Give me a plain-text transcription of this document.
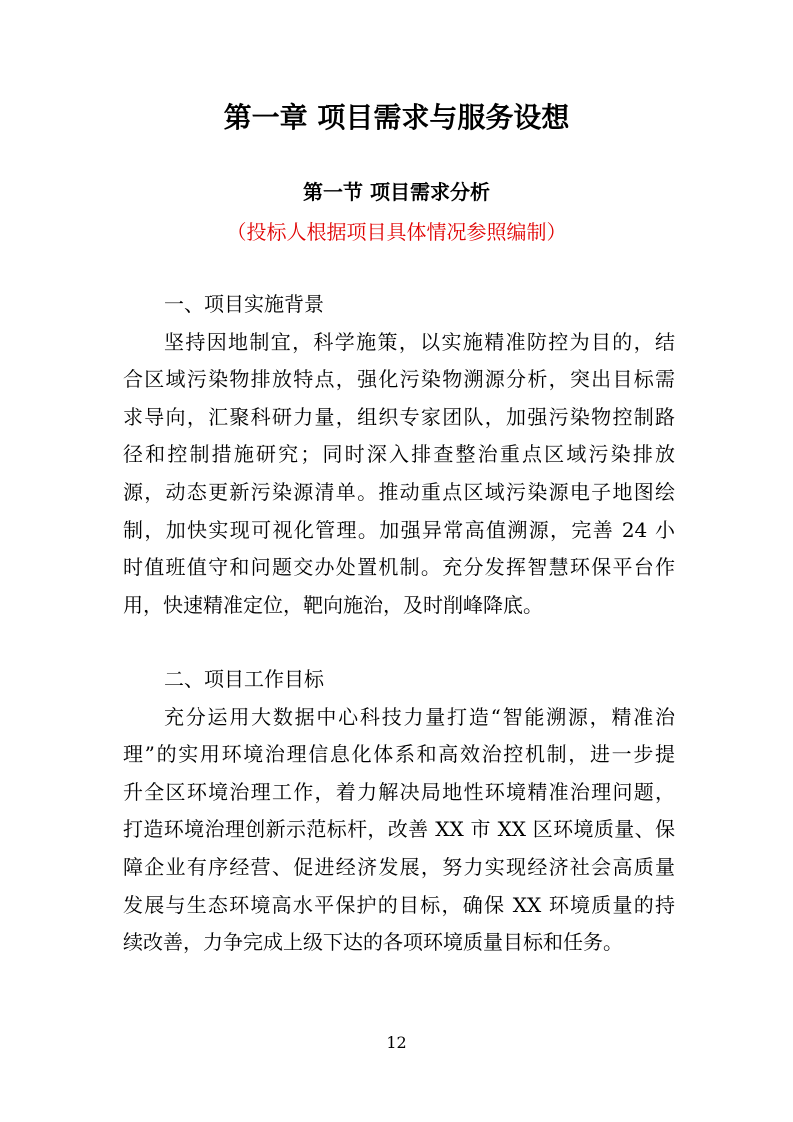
第一章 项目需求与服务设想
第一节 项目需求分析
（投标人根据项目具体情况参照编制）
一、项目实施背景
坚持因地制宜，科学施策，以实施精准防控为目的，结
合区域污染物排放特点，强化污染物溯源分析，突出目标需
求导向，汇聚科研力量，组织专家团队，加强污染物控制路
径和控制措施研究；同时深入排查整治重点区域污染排放
源，动态更新污染源清单。推动重点区域污染源电子地图绘
制，加快实现可视化管理。加强异常高值溯源，完善 24 小
时值班值守和问题交办处置机制。充分发挥智慧环保平台作
用，快速精准定位，靶向施治，及时削峰降底。
二、项目工作目标
充分运用大数据中心科技力量打造“智能溯源，精准治
理”的实用环境治理信息化体系和高效治控机制，进一步提
升全区环境治理工作，着力解决局地性环境精准治理问题，
打造环境治理创新示范标杆，改善 XX 市 XX 区环境质量、保
障企业有序经营、促进经济发展，努力实现经济社会高质量
发展与生态环境高水平保护的目标，确保 XX 环境质量的持
续改善，力争完成上级下达的各项环境质量目标和任务。
12
